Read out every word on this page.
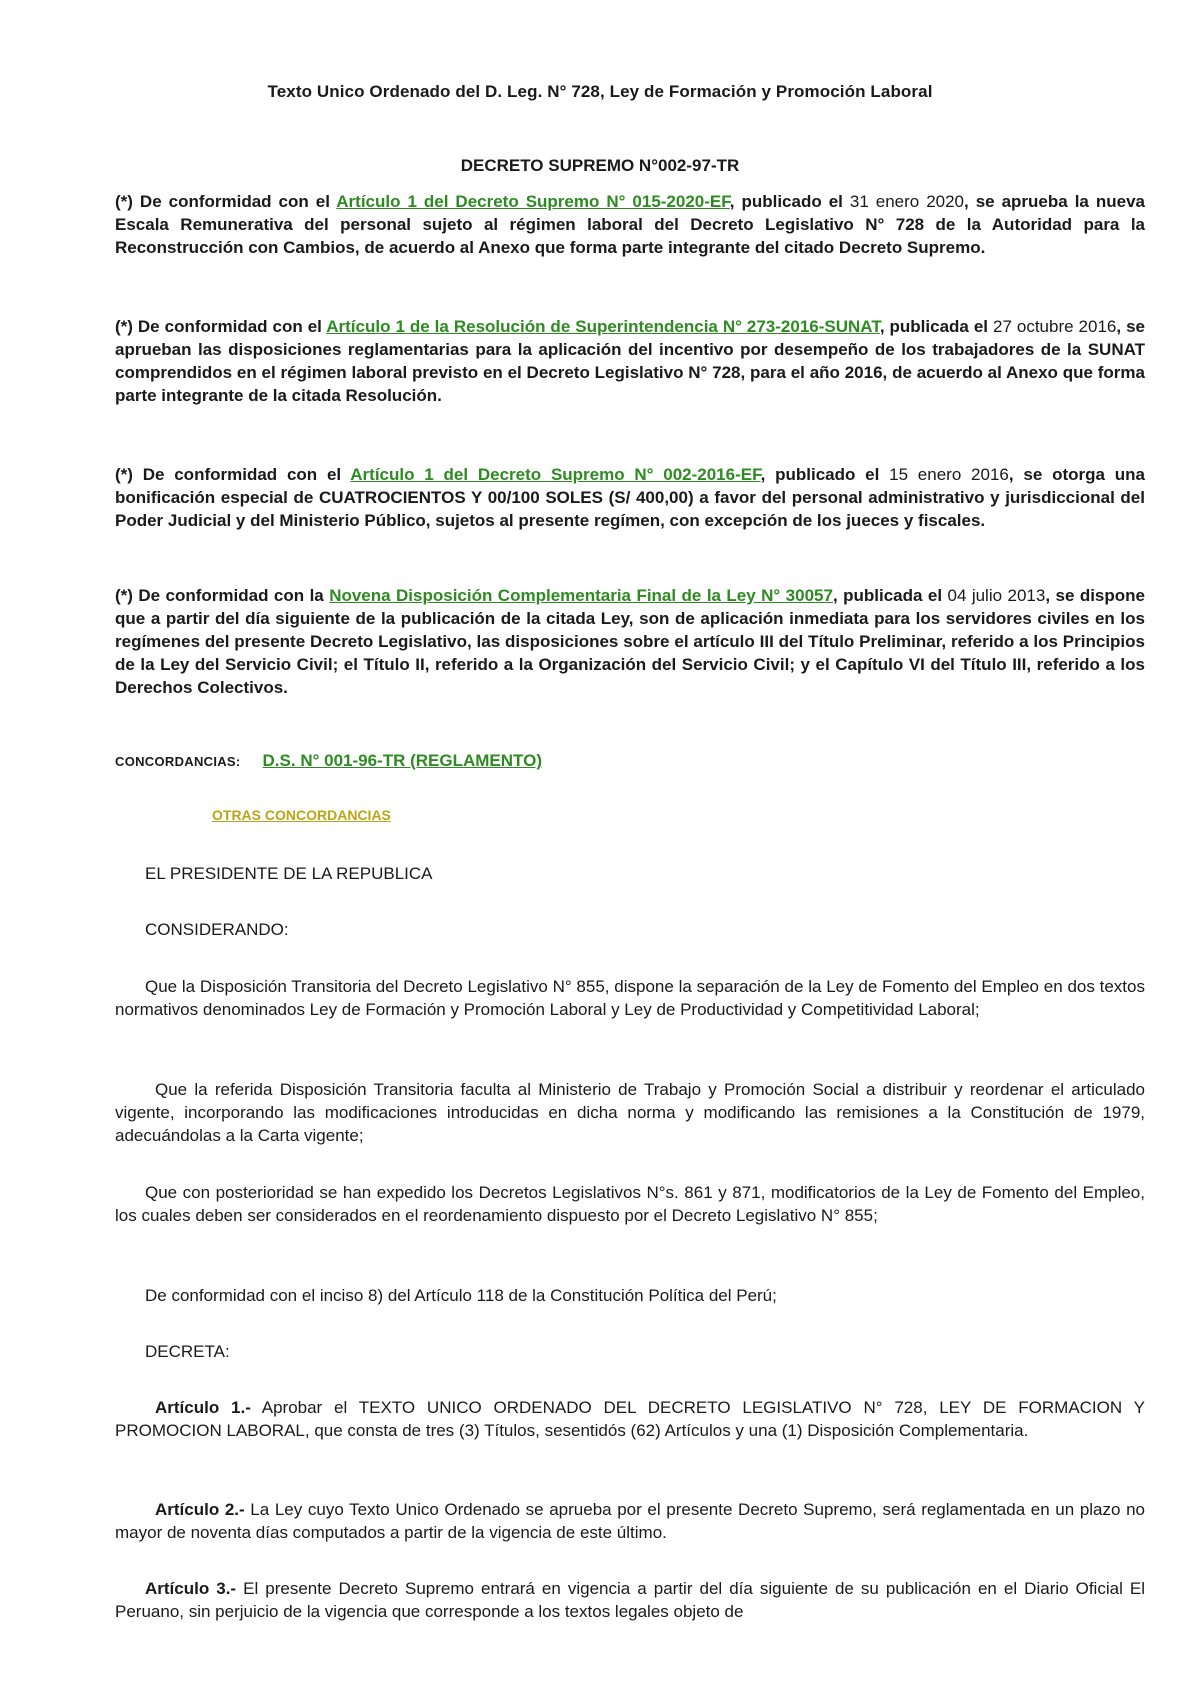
Texto Unico Ordenado del D. Leg. N° 728, Ley de Formación y Promoción Laboral
DECRETO SUPREMO N°002-97-TR
(*) De conformidad con el Artículo 1 del Decreto Supremo N° 015-2020-EF, publicado el 31 enero 2020, se aprueba la nueva Escala Remunerativa del personal sujeto al régimen laboral del Decreto Legislativo N° 728 de la Autoridad para la Reconstrucción con Cambios, de acuerdo al Anexo que forma parte integrante del citado Decreto Supremo.
(*) De conformidad con el Artículo 1 de la Resolución de Superintendencia N° 273-2016-SUNAT, publicada el 27 octubre 2016, se aprueban las disposiciones reglamentarias para la aplicación del incentivo por desempeño de los trabajadores de la SUNAT comprendidos en el régimen laboral previsto en el Decreto Legislativo N° 728, para el año 2016, de acuerdo al Anexo que forma parte integrante de la citada Resolución.
(*) De conformidad con el Artículo 1 del Decreto Supremo N° 002-2016-EF, publicado el 15 enero 2016, se otorga una bonificación especial de CUATROCIENTOS Y 00/100 SOLES (S/ 400,00) a favor del personal administrativo y jurisdiccional del Poder Judicial y del Ministerio Público, sujetos al presente regímen, con excepción de los jueces y fiscales.
(*) De conformidad con la Novena Disposición Complementaria Final de la Ley N° 30057, publicada el 04 julio 2013, se dispone que a partir del día siguiente de la publicación de la citada Ley, son de aplicación inmediata para los servidores civiles en los regímenes del presente Decreto Legislativo, las disposiciones sobre el artículo III del Título Preliminar, referido a los Principios de la Ley del Servicio Civil; el Título II, referido a la Organización del Servicio Civil; y el Capítulo VI del Título III, referido a los Derechos Colectivos.
CONCORDANCIAS: D.S. N° 001-96-TR (REGLAMENTO)
OTRAS CONCORDANCIAS
EL PRESIDENTE DE LA REPUBLICA
CONSIDERANDO:
Que la Disposición Transitoria del Decreto Legislativo N° 855, dispone la separación de la Ley de Fomento del Empleo en dos textos normativos denominados Ley de Formación y Promoción Laboral y Ley de Productividad y Competitividad Laboral;
Que la referida Disposición Transitoria faculta al Ministerio de Trabajo y Promoción Social a distribuir y reordenar el articulado vigente, incorporando las modificaciones introducidas en dicha norma y modificando las remisiones a la Constitución de 1979, adecuándolas a la Carta vigente;
Que con posterioridad se han expedido los Decretos Legislativos N°s. 861 y 871, modificatorios de la Ley de Fomento del Empleo, los cuales deben ser considerados en el reordenamiento dispuesto por el Decreto Legislativo N° 855;
De conformidad con el inciso 8) del Artículo 118 de la Constitución Política del Perú;
DECRETA:
Artículo 1.- Aprobar el TEXTO UNICO ORDENADO DEL DECRETO LEGISLATIVO N° 728, LEY DE FORMACION Y PROMOCION LABORAL, que consta de tres (3) Títulos, sesentidós (62) Artículos y una (1) Disposición Complementaria.
Artículo 2.- La Ley cuyo Texto Unico Ordenado se aprueba por el presente Decreto Supremo, será reglamentada en un plazo no mayor de noventa días computados a partir de la vigencia de este último.
Artículo 3.- El presente Decreto Supremo entrará en vigencia a partir del día siguiente de su publicación en el Diario Oficial El Peruano, sin perjuicio de la vigencia que corresponde a los textos legales objeto de
